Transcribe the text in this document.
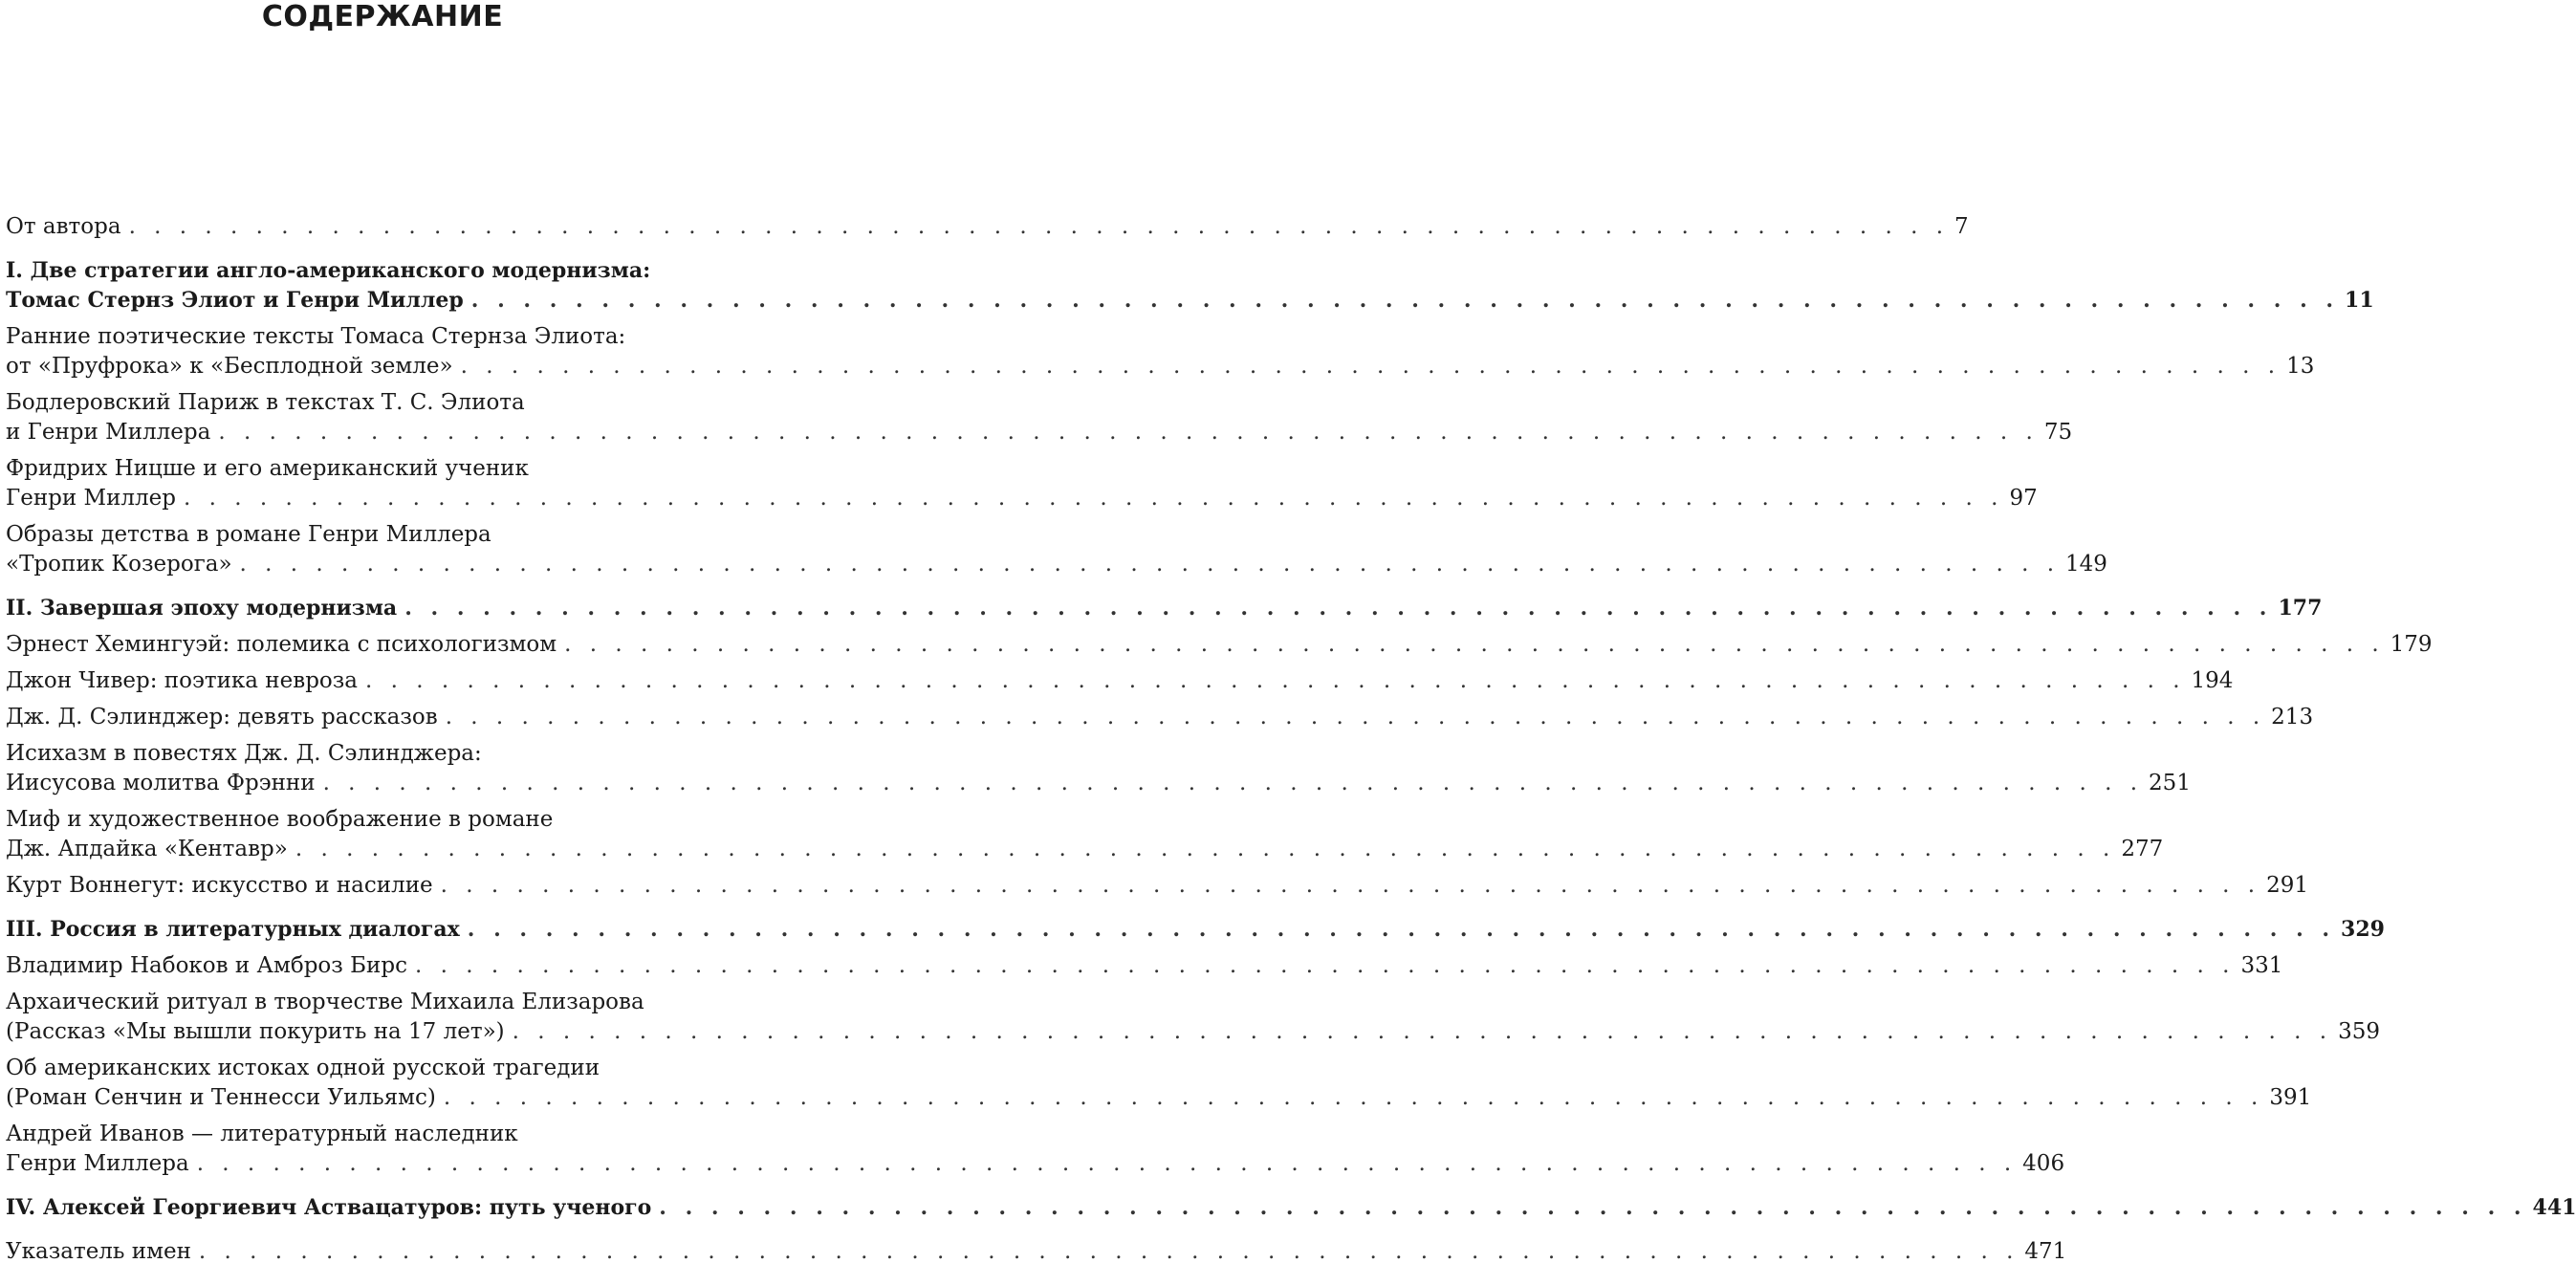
СОДЕРЖАНИЕ
От автора . . . . . . . . . . . . . . . . . . . . . . . . . . . . . . . . . . . . . . . . . . . . . . . . . . . . . . . . . . . . . . . . . . . . . . . . 7
I. Две стратегии англо-американского модернизма:
Томас Стернз Элиот и Генри Миллер . . . . . . . . . . . . . . . . . . . . . . . . . . . . . . . . . . . . . . . . . . . . . . . . . . . . . . . . . . . . . . . . . . . . . . . . 11
Ранние поэтические тексты Томаса Стернза Элиота:
от «Пруфрока» к «Бесплодной земле» . . . . . . . . . . . . . . . . . . . . . . . . . . . . . . . . . . . . . . . . . . . . . . . . . . . . . . . . . . . . . . . . . . . . . . . . 13
Бодлеровский Париж в текстах Т. С. Элиота
и Генри Миллера . . . . . . . . . . . . . . . . . . . . . . . . . . . . . . . . . . . . . . . . . . . . . . . . . . . . . . . . . . . . . . . . . . . . . . . . 75
Фридрих Ницше и его американский ученик
Генри Миллер . . . . . . . . . . . . . . . . . . . . . . . . . . . . . . . . . . . . . . . . . . . . . . . . . . . . . . . . . . . . . . . . . . . . . . . . 97
Образы детства в романе Генри Миллера
«Тропик Козерога» . . . . . . . . . . . . . . . . . . . . . . . . . . . . . . . . . . . . . . . . . . . . . . . . . . . . . . . . . . . . . . . . . . . . . . . . 149
II. Завершая эпоху модернизма . . . . . . . . . . . . . . . . . . . . . . . . . . . . . . . . . . . . . . . . . . . . . . . . . . . . . . . . . . . . . . . . . . . . . . . . 177
Эрнест Хемингуэй: полемика с психологизмом . . . . . . . . . . . . . . . . . . . . . . . . . . . . . . . . . . . . . . . . . . . . . . . . . . . . . . . . . . . . . . . . . . . . . . . . 179
Джон Чивер: поэтика невроза . . . . . . . . . . . . . . . . . . . . . . . . . . . . . . . . . . . . . . . . . . . . . . . . . . . . . . . . . . . . . . . . . . . . . . . . 194
Дж. Д. Сэлинджер: девять рассказов . . . . . . . . . . . . . . . . . . . . . . . . . . . . . . . . . . . . . . . . . . . . . . . . . . . . . . . . . . . . . . . . . . . . . . . . 213
Исихазм в повестях Дж. Д. Сэлинджера:
Иисусова молитва Фрэнни . . . . . . . . . . . . . . . . . . . . . . . . . . . . . . . . . . . . . . . . . . . . . . . . . . . . . . . . . . . . . . . . . . . . . . . . 251
Миф и художественное воображение в романе
Дж. Апдайка «Кентавр» . . . . . . . . . . . . . . . . . . . . . . . . . . . . . . . . . . . . . . . . . . . . . . . . . . . . . . . . . . . . . . . . . . . . . . . . 277
Курт Воннегут: искусство и насилие . . . . . . . . . . . . . . . . . . . . . . . . . . . . . . . . . . . . . . . . . . . . . . . . . . . . . . . . . . . . . . . . . . . . . . . . 291
III. Россия в литературных диалогах . . . . . . . . . . . . . . . . . . . . . . . . . . . . . . . . . . . . . . . . . . . . . . . . . . . . . . . . . . . . . . . . . . . . . . . . 329
Владимир Набоков и Амброз Бирс . . . . . . . . . . . . . . . . . . . . . . . . . . . . . . . . . . . . . . . . . . . . . . . . . . . . . . . . . . . . . . . . . . . . . . . . 331
Архаический ритуал в творчестве Михаила Елизарова
(Рассказ «Мы вышли покурить на 17 лет») . . . . . . . . . . . . . . . . . . . . . . . . . . . . . . . . . . . . . . . . . . . . . . . . . . . . . . . . . . . . . . . . . . . . . . . . 359
Об американских истоках одной русской трагедии
(Роман Сенчин и Теннесси Уильямс) . . . . . . . . . . . . . . . . . . . . . . . . . . . . . . . . . . . . . . . . . . . . . . . . . . . . . . . . . . . . . . . . . . . . . . . . 391
Андрей Иванов — литературный наследник
Генри Миллера . . . . . . . . . . . . . . . . . . . . . . . . . . . . . . . . . . . . . . . . . . . . . . . . . . . . . . . . . . . . . . . . . . . . . . . . 406
IV. Алексей Георгиевич Аствацатуров: путь ученого . . . . . . . . . . . . . . . . . . . . . . . . . . . . . . . . . . . . . . . . . . . . . . . . . . . . . . . . . . . . . . . . . . . . . . . . 441
Указатель имен . . . . . . . . . . . . . . . . . . . . . . . . . . . . . . . . . . . . . . . . . . . . . . . . . . . . . . . . . . . . . . . . . . . . . . . . 471
